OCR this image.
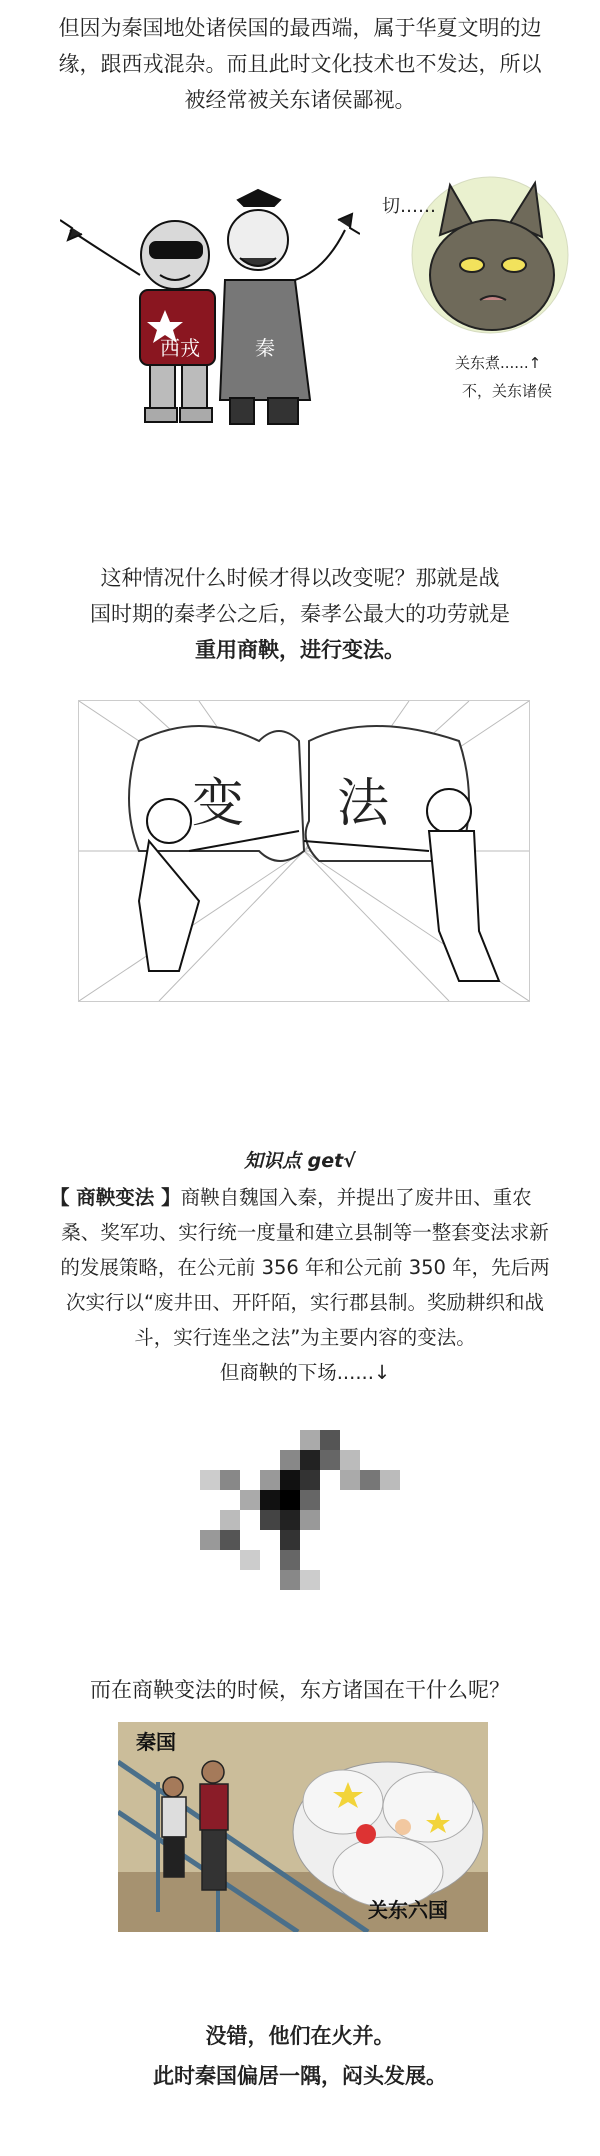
但因为秦国地处诸侯国的最西端，属于华夏文明的边
缘，跟西戎混杂。而且此时文化技术也不发达，所以
被经常被关东诸侯鄙视。
西戎	秦
切……
关东煮......↑
不，关东诸侯
这种情况什么时候才得以改变呢？那就是战
国时期的秦孝公之后，秦孝公最大的功劳就是
重用商鞅，进行变法。
变 法
知识点 get√
【 商鞅变法 】商鞅自魏国入秦，并提出了废井田、重农
桑、奖军功、实行统一度量和建立县制等一整套变法求新
的发展策略，在公元前 356 年和公元前 350 年，先后两
次实行以“废井田、开阡陌，实行郡县制。奖励耕织和战
斗，实行连坐之法”为主要内容的变法。
但商鞅的下场......↓
而在商鞅变法的时候，东方诸国在干什么呢？
秦国
关东六国
没错，他们在火并。
此时秦国偏居一隅，闷头发展。
